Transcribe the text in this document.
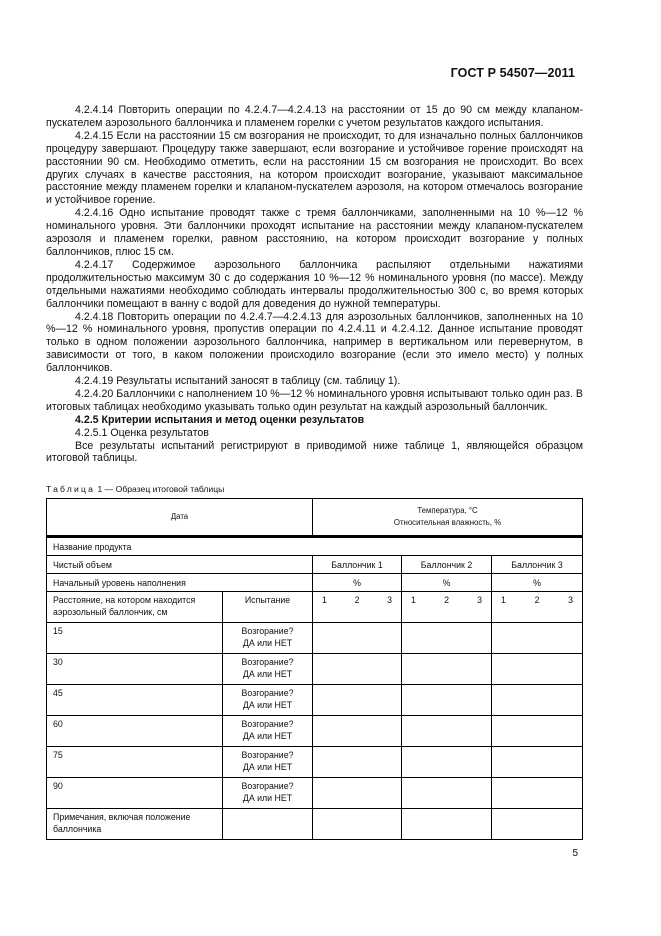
ГОСТ Р 54507—2011

4.2.4.14 Повторить операции по 4.2.4.7—4.2.4.13 на расстоянии от 15 до 90 см между клапаном-пускателем аэрозольного баллончика и пламенем горелки с учетом результатов каждого испытания.

4.2.4.15 Если на расстоянии 15 см возгорания не происходит, то для изначально полных баллончиков процедуру завершают. Процедуру также завершают, если возгорание и устойчивое горение происходят на расстоянии 90 см. Необходимо отметить, если на расстоянии 15 см возгорания не происходит. Во всех других случаях в качестве расстояния, на котором происходит возгорание, указывают максимальное расстояние между пламенем горелки и клапаном-пускателем аэрозоля, на котором отмечалось возгорание и устойчивое горение.

4.2.4.16 Одно испытание проводят также с тремя баллончиками, заполненными на 10 %—12 % номинального уровня. Эти баллончики проходят испытание на расстоянии между клапаном-пускателем аэрозоля и пламенем горелки, равном расстоянию, на котором происходит возгорание у полных баллончиков, плюс 15 см.

4.2.4.17 Содержимое аэрозольного баллончика распыляют отдельными нажатиями продолжительностью максимум 30 с до содержания 10 %—12 % номинального уровня (по массе). Между отдельными нажатиями необходимо соблюдать интервалы продолжительностью 300 с, во время которых баллончики помещают в ванну с водой для доведения до нужной температуры.

4.2.4.18 Повторить операции по 4.2.4.7—4.2.4.13 для аэрозольных баллончиков, заполненных на 10 %—12 % номинального уровня, пропустив операции по 4.2.4.11 и 4.2.4.12. Данное испытание проводят только в одном положении аэрозольного баллончика, например в вертикальном или перевернутом, в зависимости от того, в каком положении происходило возгорание (если это имело место) у полных баллончиков.

4.2.4.19 Результаты испытаний заносят в таблицу (см. таблицу 1).

4.2.4.20 Баллончики с наполнением 10 %—12 % номинального уровня испытывают только один раз. В итоговых таблицах необходимо указывать только один результат на каждый аэрозольный баллончик.

4.2.5 Критерии испытания и метод оценки результатов

4.2.5.1 Оценка результатов

Все результаты испытаний регистрируют в приводимой ниже таблице 1, являющейся образцом итоговой таблицы.

Таблица 1 — Образец итоговой таблицы
Дата		Температура, °C
Относительная влажность, %		

Название продукта				
Чистый объем		Баллончик 1	Баллончик 2	Баллончик 3
Начальный уровень наполнения		%	%	%
Расстояние, на котором находится аэрозольный баллончик, см	Испытание	1 2 3	1 2 3	1 2 3

15	Возгорание?
ДА или НЕТ			

30	Возгорание?
ДА или НЕТ			

45	Возгорание?
ДА или НЕТ			

60	Возгорание?
ДА или НЕТ			

75	Возгорание?
ДА или НЕТ			

90	Возгорание?
ДА или НЕТ			

Примечания, включая положение баллончика				
5
